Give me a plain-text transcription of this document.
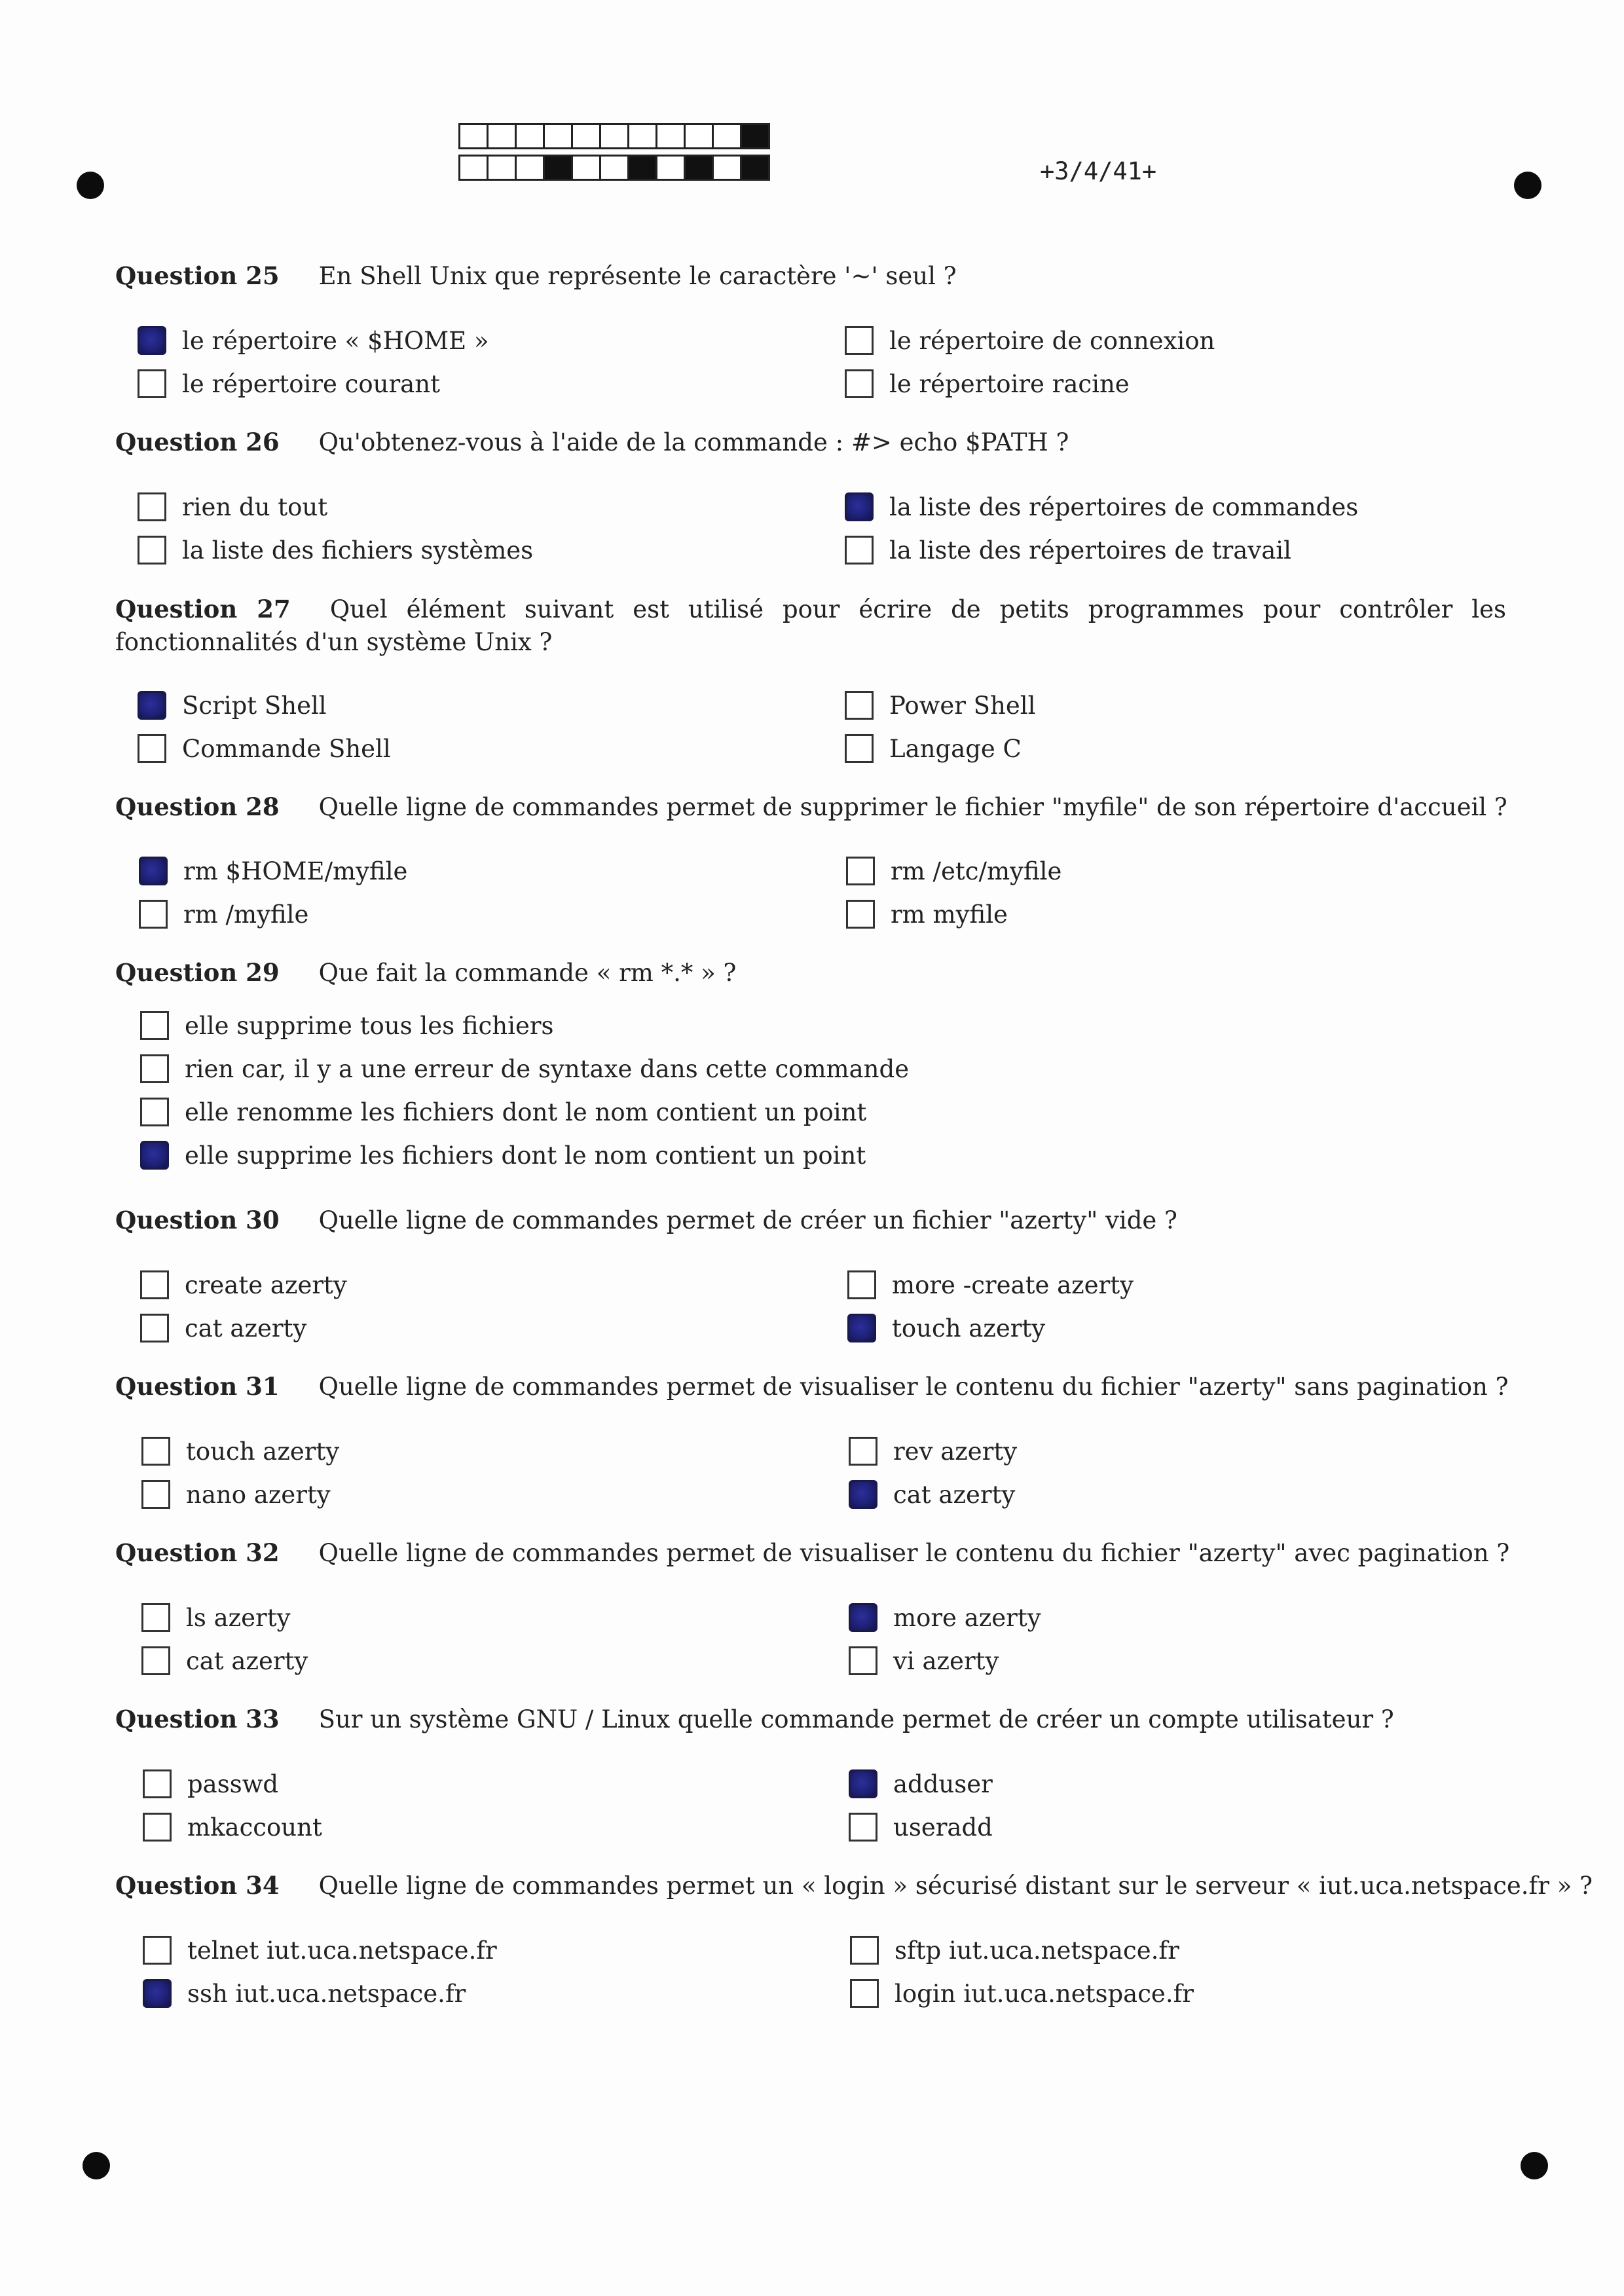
+3/4/41+
Question 25 En Shell Unix que représente le caractère '~' seul ?
le répertoire « $HOME »
le répertoire courant
le répertoire de connexion
le répertoire racine
Question 26 Qu'obtenez-vous à l'aide de la commande : #> echo $PATH ?
rien du tout
la liste des fichiers systèmes
la liste des répertoires de commandes
la liste des répertoires de travail
Question 27 Quel élément suivant est utilisé pour écrire de petits programmes pour contrôler les fonctionnalités d'un système Unix ?
Script Shell
Commande Shell
Power Shell
Langage C
Question 28 Quelle ligne de commandes permet de supprimer le fichier "myfile" de son répertoire d'accueil ?
rm $HOME/myfile
rm /myfile
rm /etc/myfile
rm myfile
Question 29 Que fait la commande « rm *.* » ?
elle supprime tous les fichiers
rien car, il y a une erreur de syntaxe dans cette commande
elle renomme les fichiers dont le nom contient un point
elle supprime les fichiers dont le nom contient un point
Question 30 Quelle ligne de commandes permet de créer un fichier "azerty" vide ?
create azerty
cat azerty
more -create azerty
touch azerty
Question 31 Quelle ligne de commandes permet de visualiser le contenu du fichier "azerty" sans pagination ?
touch azerty
nano azerty
rev azerty
cat azerty
Question 32 Quelle ligne de commandes permet de visualiser le contenu du fichier "azerty" avec pagination ?
ls azerty
cat azerty
more azerty
vi azerty
Question 33 Sur un système GNU / Linux quelle commande permet de créer un compte utilisateur ?
passwd
mkaccount
adduser
useradd
Question 34 Quelle ligne de commandes permet un « login » sécurisé distant sur le serveur « iut.uca.netspace.fr » ?
telnet iut.uca.netspace.fr
ssh iut.uca.netspace.fr
sftp iut.uca.netspace.fr
login iut.uca.netspace.fr
